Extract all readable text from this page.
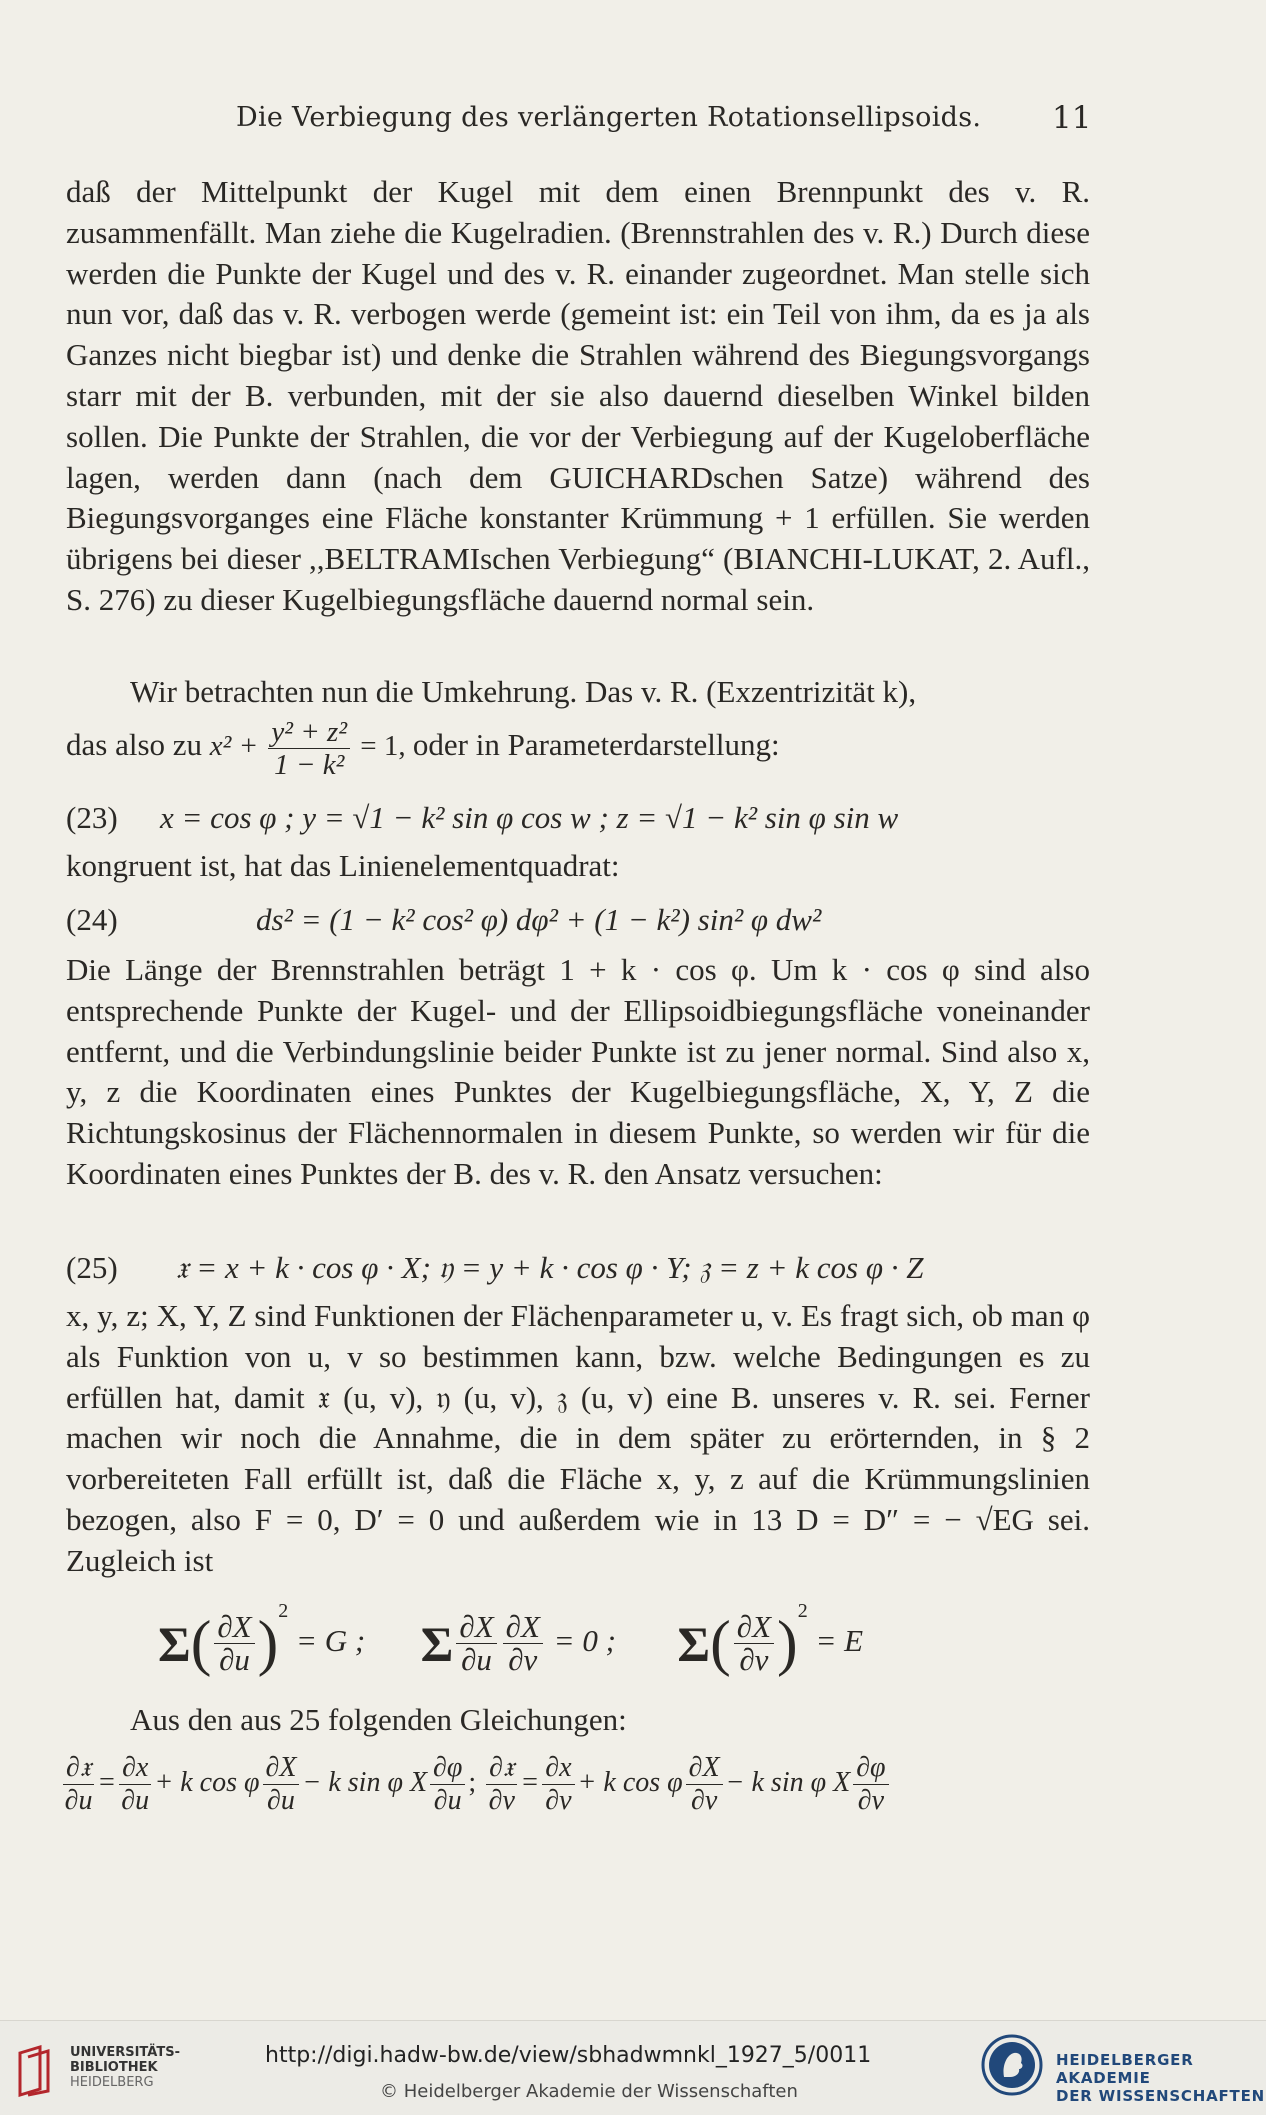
Die Verbiegung des verlängerten Rotationsellipsoids. 11
daß der Mittelpunkt der Kugel mit dem einen Brennpunkt des v. R. zusammenfällt. Man ziehe die Kugelradien. (Brennstrahlen des v. R.) Durch diese werden die Punkte der Kugel und des v. R. einander zugeordnet. Man stelle sich nun vor, daß das v. R. verbogen werde (gemeint ist: ein Teil von ihm, da es ja als Ganzes nicht biegbar ist) und denke die Strahlen während des Biegungsvorgangs starr mit der B. verbunden, mit der sie also dauernd dieselben Winkel bilden sollen. Die Punkte der Strahlen, die vor der Verbiegung auf der Kugeloberfläche lagen, werden dann (nach dem GUICHARDschen Satze) während des Biegungsvorganges eine Fläche konstanter Krümmung + 1 erfüllen. Sie werden übrigens bei dieser ,,BELTRAMIschen Verbiegung“ (BIANCHI-LUKAT, 2. Aufl., S. 276) zu dieser Kugelbiegungsfläche dauernd normal sein.
Wir betrachten nun die Umkehrung. Das v. R. (Exzentrizität k),
das also zu $x^2 + \frac{\text{y² + z²}}{\text{1 − k²}} = 1$, oder in Parameterdarstellung:
(23) x = cos φ ; y = √1 − k² sin φ cos w ; z = √1 − k² sin φ sin w
kongruent ist, hat das Linienelementquadrat:
(24)	ds² = (1 − k² cos² φ) dφ² + (1 − k²) sin² φ dw²
Die Länge der Brennstrahlen beträgt 1 + k · cos φ. Um k · cos φ sind also entsprechende Punkte der Kugel- und der Ellipsoidbiegungsfläche voneinander entfernt, und die Verbindungslinie beider Punkte ist zu jener normal. Sind also x, y, z die Koordinaten eines Punktes der Kugelbiegungsfläche, X, Y, Z die Richtungskosinus der Flächennormalen in diesem Punkte, so werden wir für die Koordinaten eines Punktes der B. des v. R. den Ansatz versuchen:
(25) 𝔵 = x + k · cos φ · X; 𝔶 = y + k · cos φ · Y; 𝔷 = z + k cos φ · Z
x, y, z; X, Y, Z sind Funktionen der Flächenparameter u, v. Es fragt sich, ob man φ als Funktion von u, v so bestimmen kann, bzw. welche Bedingungen es zu erfüllen hat, damit 𝔵 (u, v), 𝔶 (u, v), 𝔷 (u, v) eine B. unseres v. R. sei. Ferner machen wir noch die Annahme, die in dem später zu erörternden, in § 2 vorbereiteten Fall erfüllt ist, daß die Fläche x, y, z auf die Krümmungslinien bezogen, also F = 0, D′ = 0 und außerdem wie in 13 D = D″ = − √EG sei. Zugleich ist
$\Sigma( \frac{\partial X}{\partial u} )^2 = G$ ; Σ $\frac{\partial X}{\partial u} \frac{\partial X}{\partial v} = 0$ ; $\Sigma( \frac{\partial X}{\partial v} )^2 = E$
Aus den aus 25 folgenden Gleichungen:
$\frac{\text{∂𝔵}}{\partial u} = \frac{\partial x}{\partial u} + k$ cos φ $\frac{\partial X}{\partial u} - k$ sin φ X $\frac{\partial\varphi}{\partial u}$ ; $\frac{\text{∂𝔵}}{\partial v} = \frac{\partial x}{\partial v} + k$ cos φ $\frac{\partial X}{\partial v} - k$ sin φ X $\frac{\partial\varphi}{\partial v}$
UNIVERSITÄTS-
BIBLIOTHEK
HEIDELBERG
http://digi.hadw-bw.de/view/sbhadwmnkl_1927_5/0011
© Heidelberger Akademie der Wissenschaften
HEIDELBERGER AKADEMIE
DER WISSENSCHAFTEN
